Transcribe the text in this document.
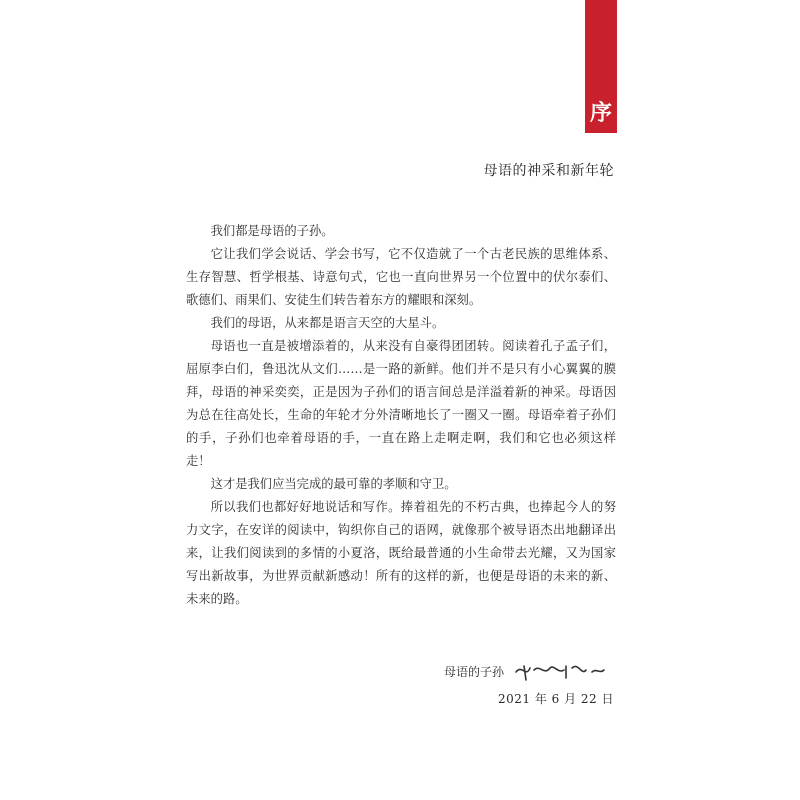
序
母语的神采和新年轮

我们都是母语的子孙。

它让我们学会说话、学会书写，它不仅造就了一个古老民族的思维体系、生存智慧、哲学根基、诗意句式，它也一直向世界另一个位置中的伏尔泰们、歌德们、雨果们、安徒生们转告着东方的耀眼和深刻。

我们的母语，从来都是语言天空的大星斗。

母语也一直是被增添着的，从来没有自豪得团团转。阅读着孔子孟子们，屈原李白们，鲁迅沈从文们……是一路的新鲜。他们并不是只有小心翼翼的膜拜，母语的神采奕奕，正是因为子孙们的语言间总是洋溢着新的神采。母语因为总在往高处长，生命的年轮才分外清晰地长了一圈又一圈。母语牵着子孙们的手，子孙们也牵着母语的手，一直在路上走啊走啊，我们和它也必须这样走！

这才是我们应当完成的最可靠的孝顺和守卫。

所以我们也都好好地说话和写作。捧着祖先的不朽古典，也捧起今人的努力文字，在安详的阅读中，钩织你自己的语网，就像那个被导语杰出地翻译出来，让我们阅读到的多情的小夏洛，既给最普通的小生命带去光耀，又为国家写出新故事，为世界贡献新感动！所有的这样的新，也便是母语的未来的新、未来的路。

母语的子孙
2021 年 6 月 22 日
